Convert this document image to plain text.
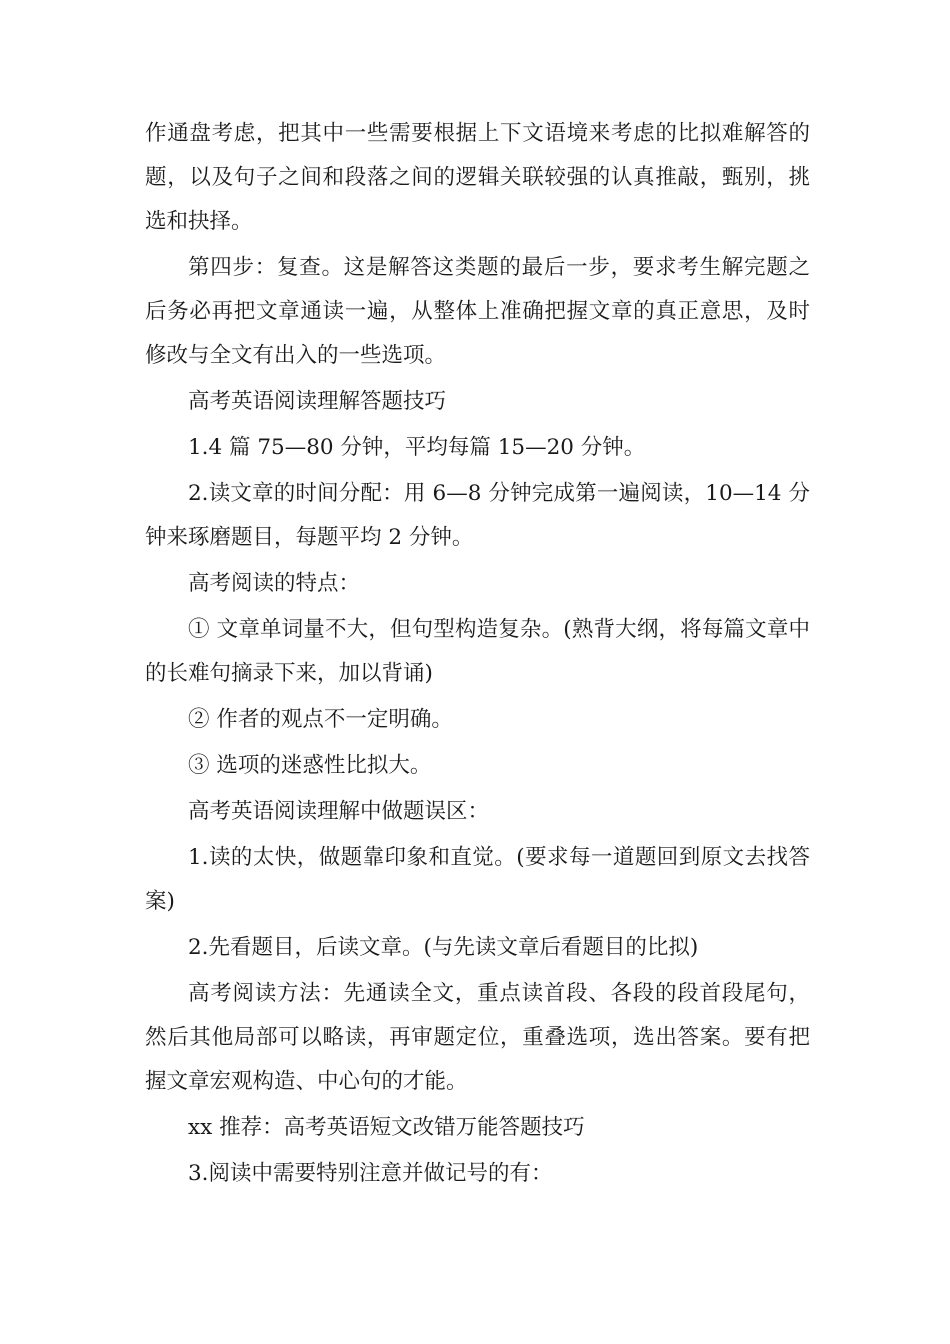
作通盘考虑，把其中一些需要根据上下文语境来考虑的比拟难解答的题，以及句子之间和段落之间的逻辑关联较强的认真推敲，甄别，挑选和抉择。

第四步：复查。这是解答这类题的最后一步，要求考生解完题之后务必再把文章通读一遍，从整体上准确把握文章的真正意思，及时修改与全文有出入的一些选项。

高考英语阅读理解答题技巧

1.4 篇 75—80 分钟，平均每篇 15—20 分钟。

2.读文章的时间分配：用 6—8 分钟完成第一遍阅读，10—14 分钟来琢磨题目，每题平均 2 分钟。

高考阅读的特点：

① 文章单词量不大，但句型构造复杂。(熟背大纲，将每篇文章中的长难句摘录下来，加以背诵)

② 作者的观点不一定明确。

③ 选项的迷惑性比拟大。

高考英语阅读理解中做题误区：

1.读的太快，做题靠印象和直觉。(要求每一道题回到原文去找答案)

2.先看题目，后读文章。(与先读文章后看题目的比拟)

高考阅读方法：先通读全文，重点读首段、各段的段首段尾句，然后其他局部可以略读，再审题定位，重叠选项，选出答案。要有把握文章宏观构造、中心句的才能。

xx 推荐：高考英语短文改错万能答题技巧

3.阅读中需要特别注意并做记号的有：
